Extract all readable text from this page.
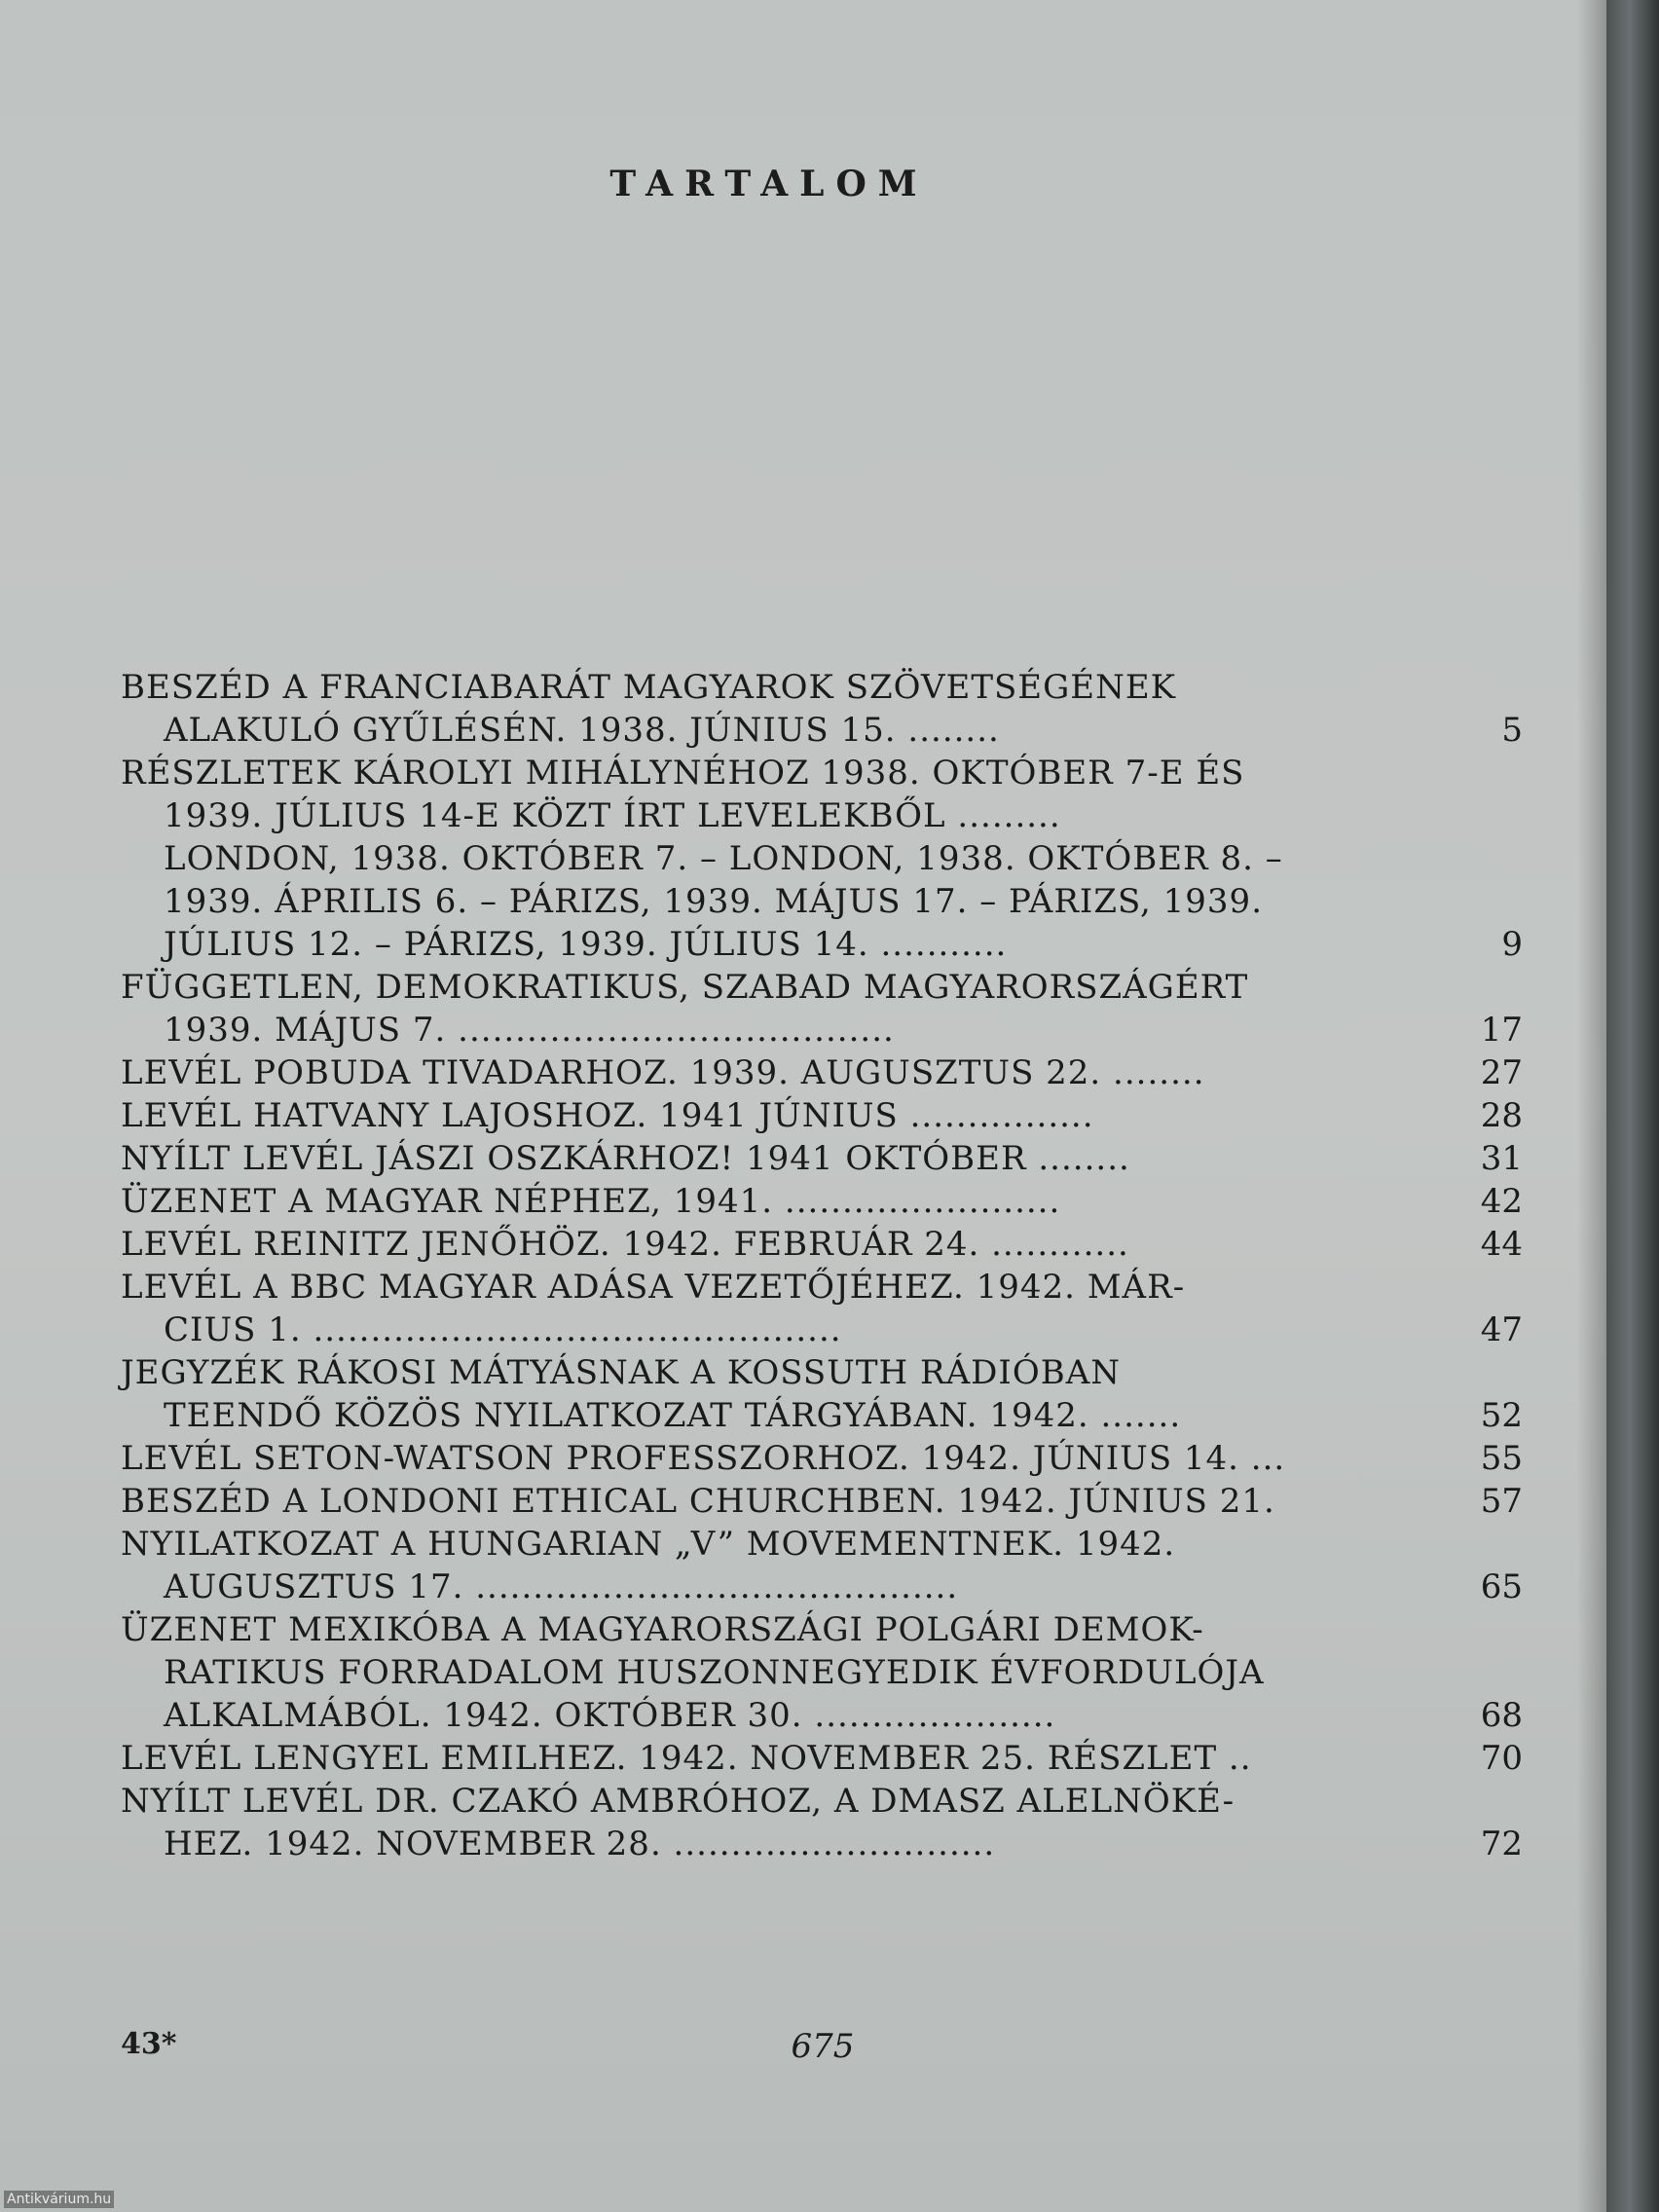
TARTALOM
BESZÉD A FRANCIABARÁT MAGYAROK SZÖVETSÉGÉNEK
ALAKULÓ GYŰLÉSÉN. 1938. JÚNIUS 15. ........	5
RÉSZLETEK KÁROLYI MIHÁLYNÉHOZ 1938. OKTÓBER 7-E ÉS
1939. JÚLIUS 14-E KÖZT ÍRT LEVELEKBŐL .........
LONDON, 1938. OKTÓBER 7. – LONDON, 1938. OKTÓBER 8. –
1939. ÁPRILIS 6. – PÁRIZS, 1939. MÁJUS 17. – PÁRIZS, 1939.
JÚLIUS 12. – PÁRIZS, 1939. JÚLIUS 14. ...........	9
FÜGGETLEN, DEMOKRATIKUS, SZABAD MAGYARORSZÁGÉRT
1939. MÁJUS 7. ......................................	17
LEVÉL POBUDA TIVADARHOZ. 1939. AUGUSZTUS 22. ........	27
LEVÉL HATVANY LAJOSHOZ. 1941 JÚNIUS ................	28
NYÍLT LEVÉL JÁSZI OSZKÁRHOZ! 1941 OKTÓBER ........	31
ÜZENET A MAGYAR NÉPHEZ, 1941. ........................	42
LEVÉL REINITZ JENŐHÖZ. 1942. FEBRUÁR 24. ............	44
LEVÉL A BBC MAGYAR ADÁSA VEZETŐJÉHEZ. 1942. MÁR-
CIUS 1. ..............................................	47
JEGYZÉK RÁKOSI MÁTYÁSNAK A KOSSUTH RÁDIÓBAN
TEENDŐ KÖZÖS NYILATKOZAT TÁRGYÁBAN. 1942. .......	52
LEVÉL SETON-WATSON PROFESSZORHOZ. 1942. JÚNIUS 14. ...	55
BESZÉD A LONDONI ETHICAL CHURCHBEN. 1942. JÚNIUS 21.	57
NYILATKOZAT A HUNGARIAN „V” MOVEMENTNEK. 1942.
AUGUSZTUS 17. ..........................................	65
ÜZENET MEXIKÓBA A MAGYARORSZÁGI POLGÁRI DEMOK-
RATIKUS FORRADALOM HUSZONNEGYEDIK ÉVFORDULÓJA
ALKALMÁBÓL. 1942. OKTÓBER 30. .....................	68
LEVÉL LENGYEL EMILHEZ. 1942. NOVEMBER 25. RÉSZLET ..	70
NYÍLT LEVÉL DR. CZAKÓ AMBRÓHOZ, A DMASZ ALELNÖKÉ-
HEZ. 1942. NOVEMBER 28. ............................	72
43*	675
Antikvárium.hu
